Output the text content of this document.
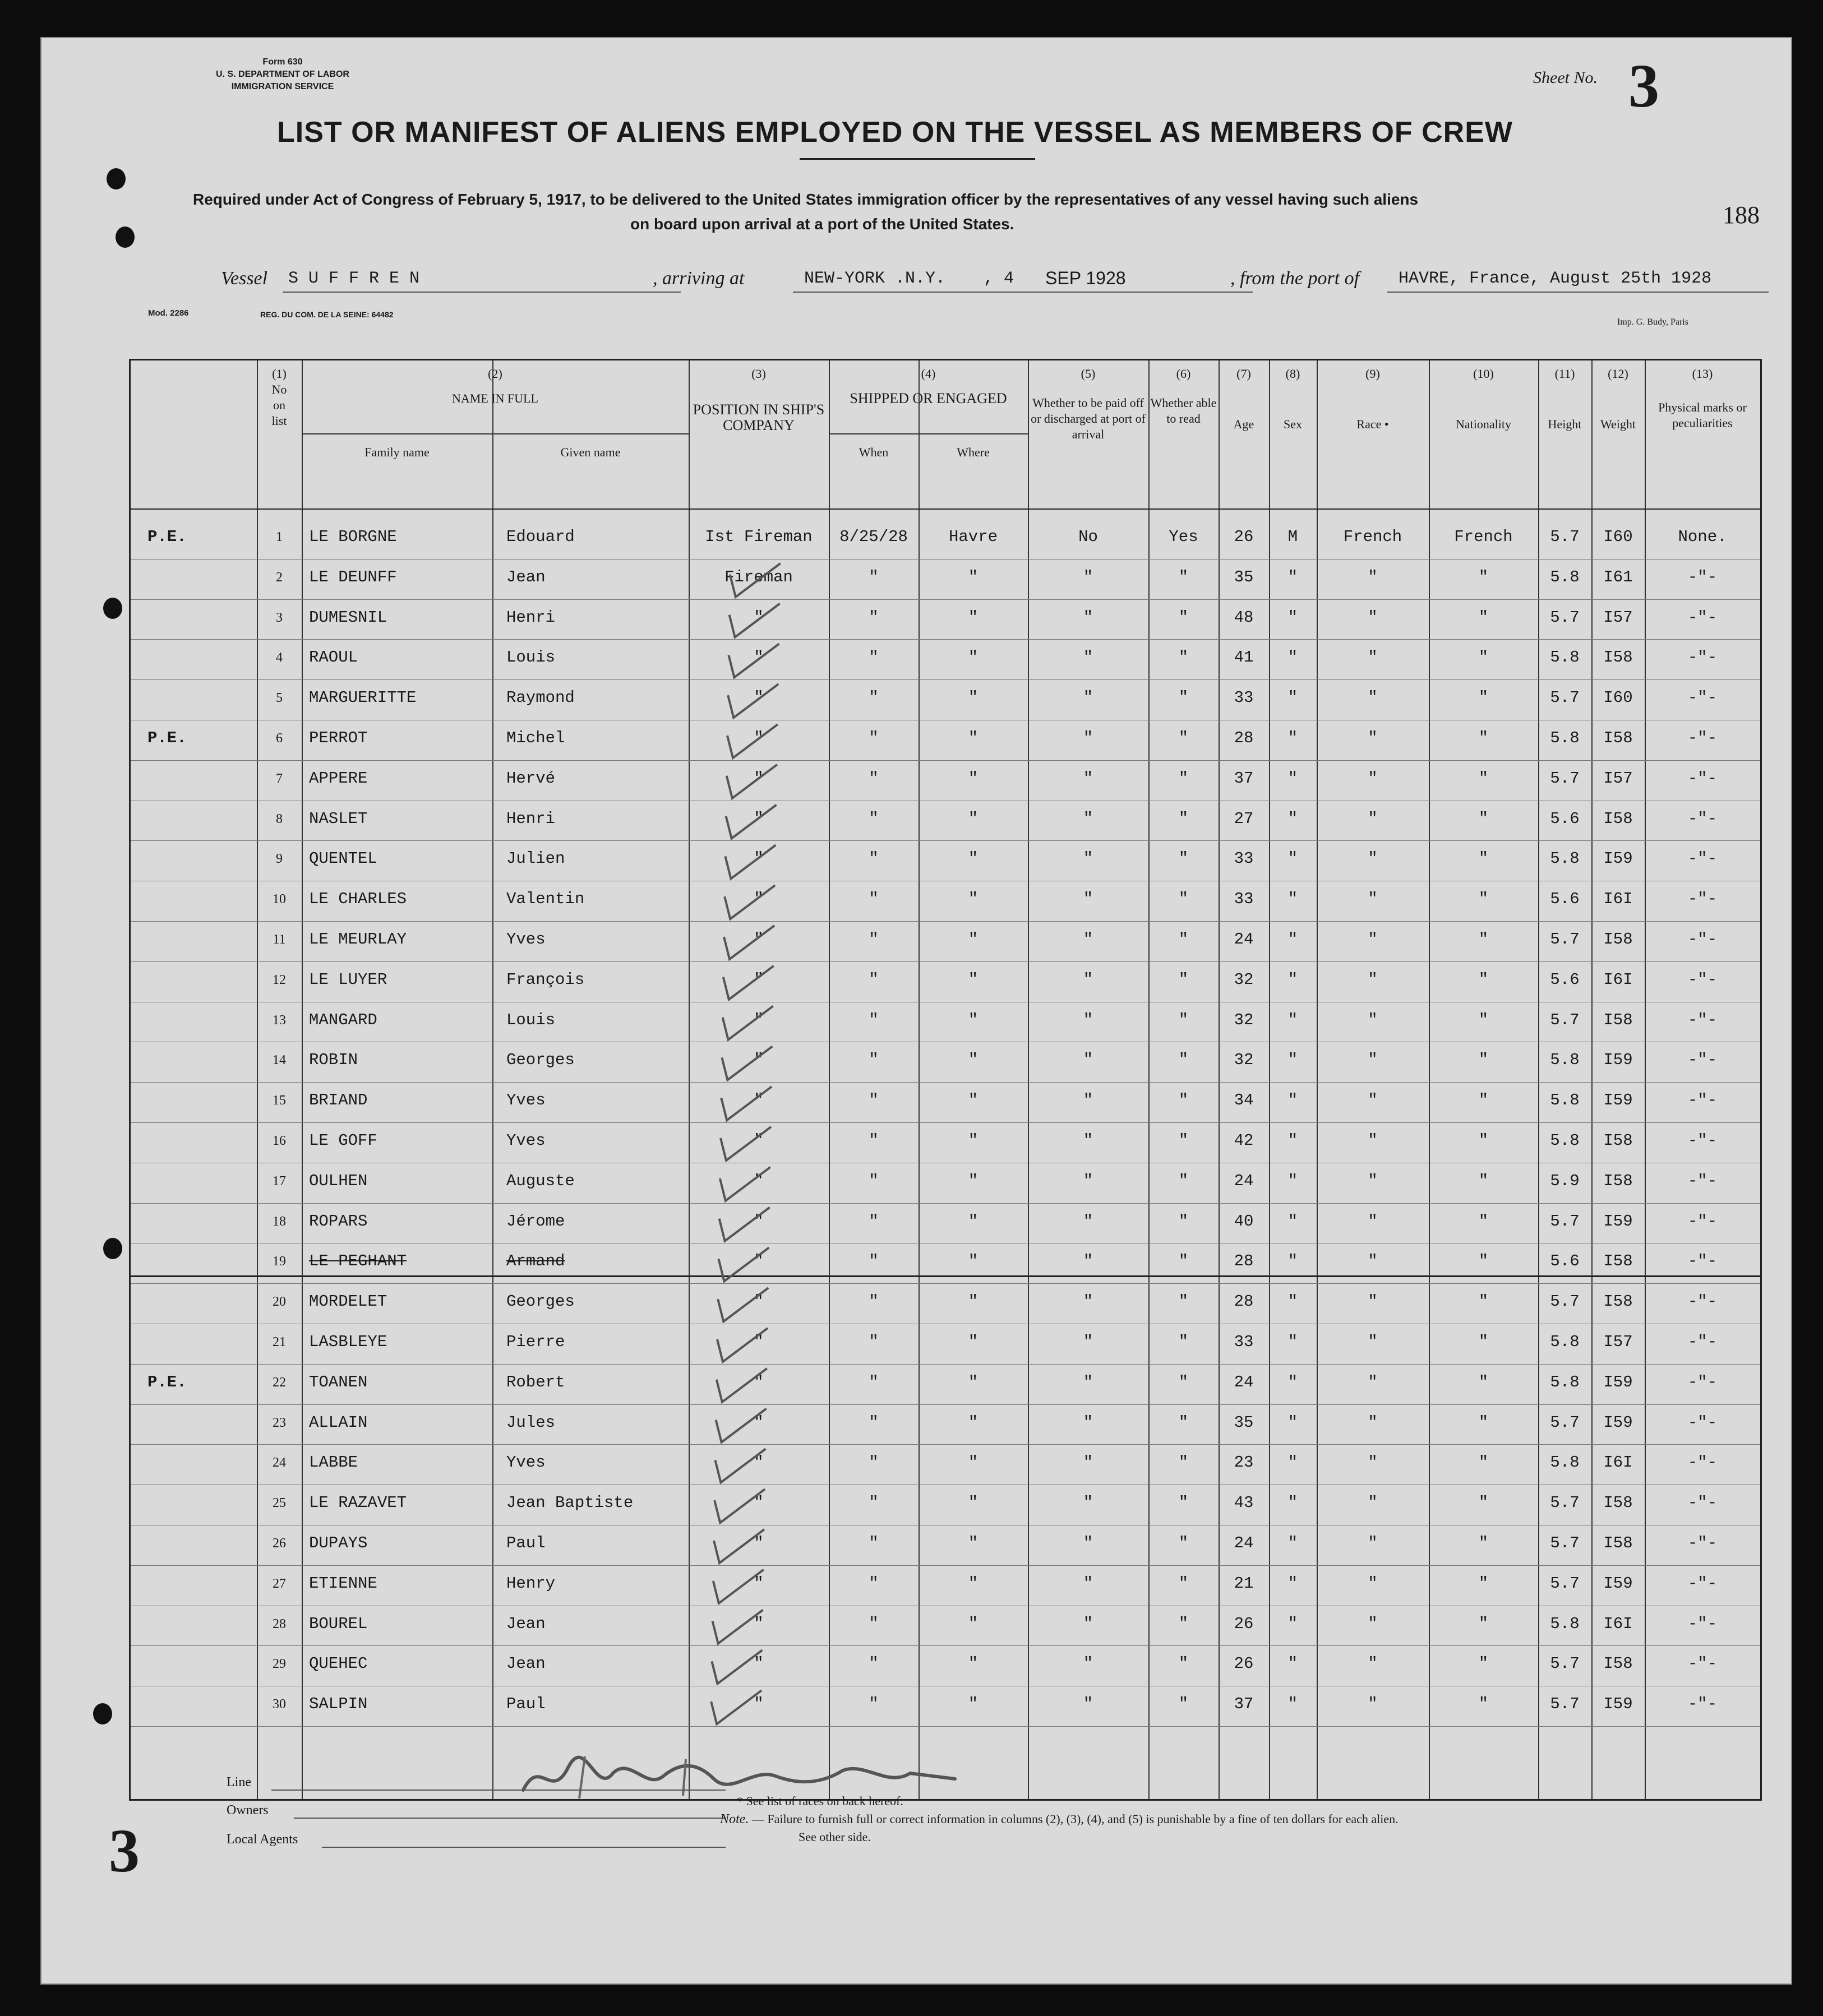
Form 630
U. S. DEPARTMENT OF LABOR
IMMIGRATION SERVICE	Sheet No. 3
188
LIST OR MANIFEST OF ALIENS EMPLOYED ON THE VESSEL AS MEMBERS OF CREW
Required under Act of Congress of February 5, 1917, to be delivered to the United States immigration officer by the representatives of any vessel having such aliens
on board upon arrival at a port of the United States.
Vessel S U F F R E N	, arriving at	NEW-YORK .N.Y. , 4 SEP 1928	, from the port of HAVRE, France, August 25th 1928
Mod. 2286	REG. DU COM. DE LA SEINE: 64482
Imp. G. Budy, Paris
(1)
No on list
(2)
NAME IN FULL
Family name	Given name
(3)
POSITION IN SHIP'S COMPANY
(4)
SHIPPED OR ENGAGED
When	Where
(5)
Whether to be paid off or discharged at port of arrival
(6)
Whether able to read
(7)
Age
(8)
Sex
(9)
Race •
(10)
Nationality
(11)
Height
(12)
Weight
(13)
Physical marks or peculiarities
P.E.	1	LE BORGNE	Edouard	Ist Fireman	8/25/28	Havre	No	Yes	26	M	French	French	5.7	I60	None.
2	LE DEUNFF	Jean	Fireman	"	"	"	"	35	"	"	"	5.8	I61	-"-
3	DUMESNIL	Henri	"	"	"	"	"	48	"	"	"	5.7	I57	-"-
4	RAOUL	Louis	"	"	"	"	"	41	"	"	"	5.8	I58	-"-
5	MARGUERITTE	Raymond	"	"	"	"	"	33	"	"	"	5.7	I60	-"-
P.E.	6	PERROT	Michel	"	"	"	"	"	28	"	"	"	5.8	I58	-"-
7	APPERE	Hervé	"	"	"	"	"	37	"	"	"	5.7	I57	-"-
8	NASLET	Henri	"	"	"	"	"	27	"	"	"	5.6	I58	-"-
9	QUENTEL	Julien	"	"	"	"	"	33	"	"	"	5.8	I59	-"-
10	LE CHARLES	Valentin	"	"	"	"	"	33	"	"	"	5.6	I6I	-"-
11	LE MEURLAY	Yves	"	"	"	"	"	24	"	"	"	5.7	I58	-"-
12	LE LUYER	François	"	"	"	"	"	32	"	"	"	5.6	I6I	-"-
13	MANGARD	Louis	"	"	"	"	"	32	"	"	"	5.7	I58	-"-
14	ROBIN	Georges	"	"	"	"	"	32	"	"	"	5.8	I59	-"-
15	BRIAND	Yves	"	"	"	"	"	34	"	"	"	5.8	I59	-"-
16	LE GOFF	Yves	"	"	"	"	"	42	"	"	"	5.8	I58	-"-
17	OULHEN	Auguste	"	"	"	"	"	24	"	"	"	5.9	I58	-"-
18	ROPARS	Jérome	"	"	"	"	"	40	"	"	"	5.7	I59	-"-
19	LE PEGHANT	Armand	"	"	"	"	"	28	"	"	"	5.6	I58	-"-
20	MORDELET	Georges	"	"	"	"	"	28	"	"	"	5.7	I58	-"-
21	LASBLEYE	Pierre	"	"	"	"	"	33	"	"	"	5.8	I57	-"-
P.E.	22	TOANEN	Robert	"	"	"	"	"	24	"	"	"	5.8	I59	-"-
23	ALLAIN	Jules	"	"	"	"	"	35	"	"	"	5.7	I59	-"-
24	LABBE	Yves	"	"	"	"	"	23	"	"	"	5.8	I6I	-"-
25	LE RAZAVET	Jean Baptiste	"	"	"	"	"	43	"	"	"	5.7	I58	-"-
26	DUPAYS	Paul	"	"	"	"	"	24	"	"	"	5.7	I58	-"-
27	ETIENNE	Henry	"	"	"	"	"	21	"	"	"	5.7	I59	-"-
28	BOUREL	Jean	"	"	"	"	"	26	"	"	"	5.8	I6I	-"-
29	QUEHEC	Jean	"	"	"	"	"	26	"	"	"	5.7	I58	-"-
30	SALPIN	Paul	"	"	"	"	"	37	"	"	"	5.7	I59	-"-
Line
Owners
Local Agents
* See list of races on back hereof.
Note. — Failure to furnish full or correct information in columns (2), (3), (4), and (5) is punishable by a fine of ten dollars for each alien.
See other side.
3
